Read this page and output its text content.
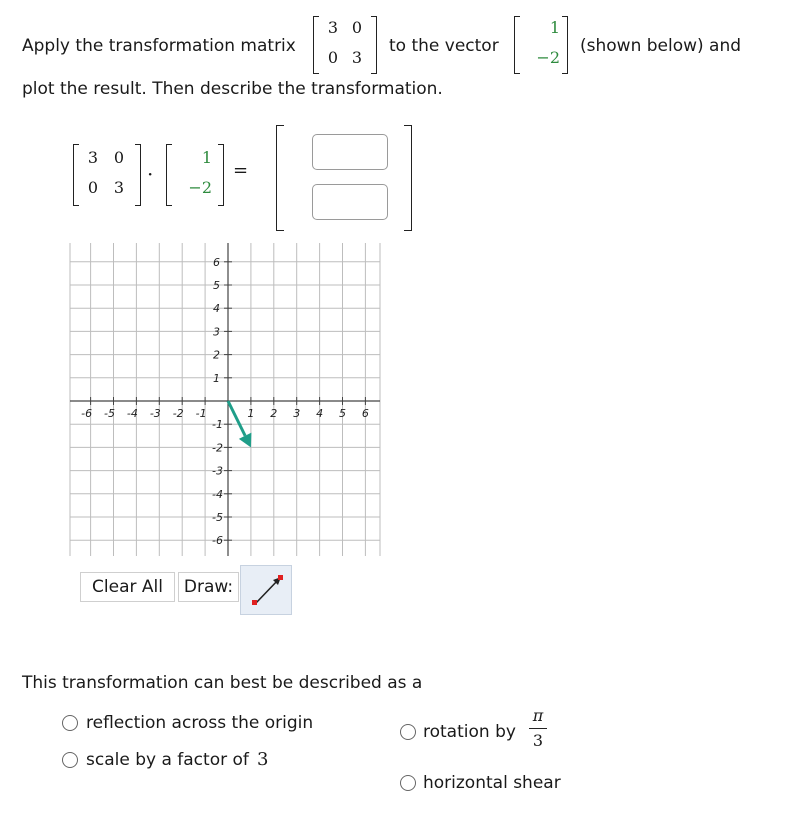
Apply the transformation matrix
3 0
0 3
to the vector
1
−2
(shown below) and
plot the result. Then describe the transformation.
3 0
0 3
·
1
−2
=
-6 -5 -4 -3 -2 -1	1 2 3 4 5 6
6
5
4
3
2
1
-1
-2
-3
-4
-5
-6
Clear All	Draw:
This transformation can best be described as a
reflection across the origin
scale by a factor of 3
rotation by
π
3
horizontal shear
